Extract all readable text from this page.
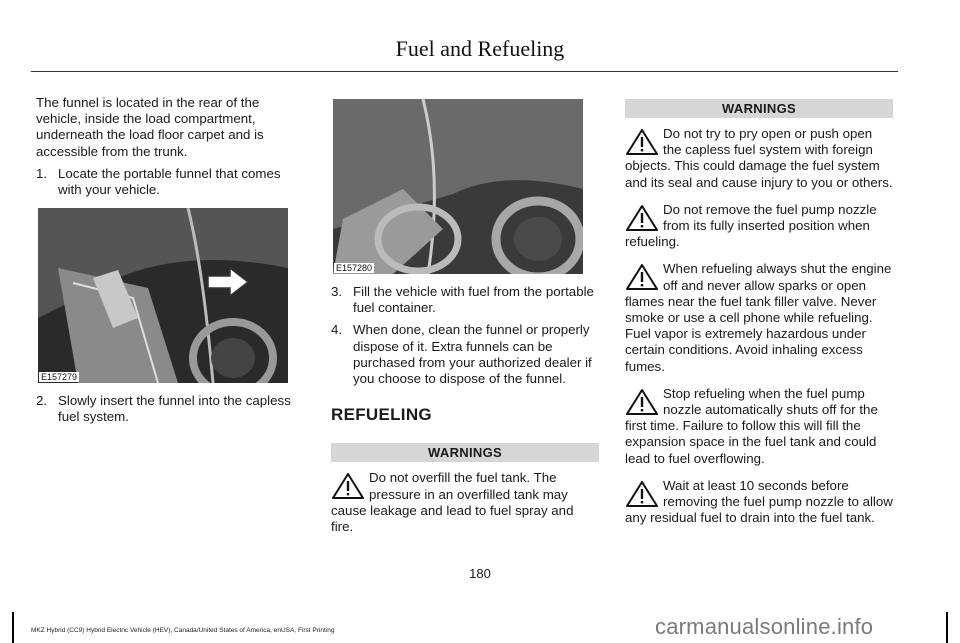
Fuel and Refueling

The funnel is located in the rear of the vehicle, inside the load compartment, underneath the load floor carpet and is accessible from the trunk.

1. Locate the portable funnel that comes with your vehicle.
E157279
2. Slowly insert the funnel into the capless fuel system.
E157280
3. Fill the vehicle with fuel from the portable fuel container.
4. When done, clean the funnel or properly dispose of it. Extra funnels can be purchased from your authorized dealer if you choose to dispose of the funnel.
REFUELING
WARNINGS
Do not overfill the fuel tank. The pressure in an overfilled tank may cause leakage and lead to fuel spray and fire.
WARNINGS
Do not try to pry open or push open the capless fuel system with foreign objects. This could damage the fuel system and its seal and cause injury to you or others.
Do not remove the fuel pump nozzle from its fully inserted position when refueling.
When refueling always shut the engine off and never allow sparks or open flames near the fuel tank filler valve. Never smoke or use a cell phone while refueling. Fuel vapor is extremely hazardous under certain conditions. Avoid inhaling excess fumes.
Stop refueling when the fuel pump nozzle automatically shuts off for the first time. Failure to follow this will fill the expansion space in the fuel tank and could lead to fuel overflowing.
Wait at least 10 seconds before removing the fuel pump nozzle to allow any residual fuel to drain into the fuel tank.
180
MKZ Hybrid (CC9) Hybrid Electric Vehicle (HEV), Canada/United States of America, enUSA, First Printing	carmanualsonline.info
